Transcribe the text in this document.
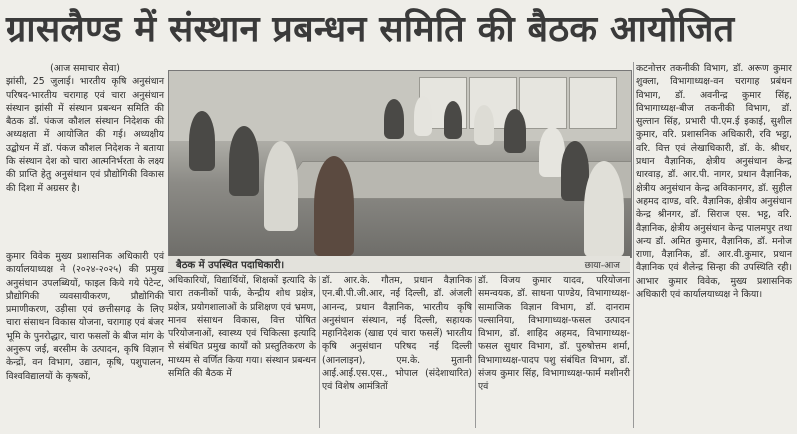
ग्रासलैण्ड में संस्थान प्रबन्धन समिति की बैठक आयोजित

(आज समाचार सेवा)

झांसी, 25 जुलाई। भारतीय कृषि अनुसंधान परिषद-भारतीय चरागाह एवं चारा अनुसंधान संस्थान झांसी में संस्थान प्रबन्धन समिति की बैठक डॉ. पंकज कौशल संस्थान निदेशक की अध्यक्षता में आयोजित की गई। अध्यक्षीय उद्बोधन में डॉ. पंकज कौशल निदेशक ने बताया कि संस्थान देश को चारा आत्मनिर्भरता के लक्ष्य की प्राप्ति हेतु अनुसंधान एवं प्रौद्योगिकी विकास की दिशा में अग्रसर है।

कुमार विवेक मुख्य प्रशासनिक अधिकारी एवं कार्यालयाध्यक्ष ने (२०२४-२०२५) की प्रमुख अनुसंधान उपलब्धियों, फाइल किये गये पेटेन्ट, प्रौद्योगिकी व्यवसायीकरण, प्रौद्योगिकी प्रमाणीकरण, उड़ीसा एवं छत्तीसगढ़ के लिए चारा संसाधन विकास योजना, चरागाह एवं बंजर भूमि के पुनरोद्धार, चारा फसलों के बीज मांग के अनुरूप जई, बरसीम के उत्पादन, कृषि विज्ञान केन्द्रों, वन विभाग, उद्यान, कृषि, पशुपालन, विश्वविद्यालयों के कृषकों,

बैठक में उपस्थित पदाधिकारी।	छाया-आज

अधिकारियों, विद्यार्थियों, शिक्षकों इत्यादि के चारा तकनीकों पार्क, केन्द्रीय शोध प्रक्षेत्र, प्रक्षेत्र, प्रयोगशालाओं के प्रशिक्षण एवं भ्रमण, मानव संसाधन विकास, वित्त पोषित परियोजनाओं, स्वास्थ्य एवं चिकित्सा इत्यादि से संबंधित प्रमुख कार्यों को प्रस्तुतिकरण के माध्यम से वर्णित किया गया। संस्थान प्रबन्धन समिति की बैठक में

डॉ. आर.के. गौतम, प्रधान वैज्ञानिक एन.बी.पी.जी.आर, नई दिल्ली, डॉ. अंजली आनन्द, प्रधान वैज्ञानिक, भारतीय कृषि अनुसंधान संस्थान, नई दिल्ली, सहायक महानिदेशक (खाद्य एवं चारा फसलें) भारतीय कृषि अनुसंधान परिषद नई दिल्ली (आनलाइन), एम.के. मुतानी आई.आई.एस.एस., भोपाल (संदेशाधारित) एवं विशेष आमंत्रितों

डॉ. विजय कुमार यादव, परियोजना समन्वयक, डॉ. साधना पाण्डेय, विभागाध्यक्ष- सामाजिक विज्ञान विभाग, डॉ. दानराम पल्सानिया, विभागाध्यक्ष-फसल उत्पादन विभाग, डॉ. शाहिद अहमद, विभागाध्यक्ष-फसल सुधार विभाग, डॉ. पुरुषोत्तम शर्मा, विभागाध्यक्ष-पादप पशु संबंधित विभाग, डॉ. संजय कुमार सिंह, विभागाध्यक्ष-फार्म मशीनरी एवं

कटनोत्तर तकनीकी विभाग, डॉ. अरूण कुमार शुक्ला, विभागाध्यक्ष-वन चरागाह प्रबंधन विभाग, डॉ. अवनीन्द्र कुमार सिंह, विभागाध्यक्ष-बीज तकनीकी विभाग, डॉ. सुल्तान सिंह, प्रभारी पी.एम.ई इकाई, सुशील कुमार, वरि. प्रशासनिक अधिकारी, रवि भट्ठा, वरि. वित्त एवं लेखाधिकारी, डॉ. के. श्रीधर, प्रधान वैज्ञानिक, क्षेत्रीय अनुसंधान केन्द्र धारवाड़, डॉ. आर.पी. नागर, प्रधान वैज्ञानिक, क्षेत्रीय अनुसंधान केन्द्र अविकानगर, डॉ. सुहील अहमद दाण्ड, वरि. वैज्ञानिक, क्षेत्रीय अनुसंधान केन्द्र श्रीनगर, डॉ. सिराज एस. भट्ट, वरि. वैज्ञानिक, क्षेत्रीय अनुसंधान केन्द्र पालमपुर तथा अन्य डॉ. अमित कुमार, वैज्ञानिक, डॉ. मनोज राणा, वैज्ञानिक, डॉ. आर.वी.कुमार, प्रधान वैज्ञानिक एवं शैलेन्द्र सिन्हा की उपस्थिति रही। आभार कुमार विवेक, मुख्य प्रशासनिक अधिकारी एवं कार्यालयाध्यक्ष ने किया।
